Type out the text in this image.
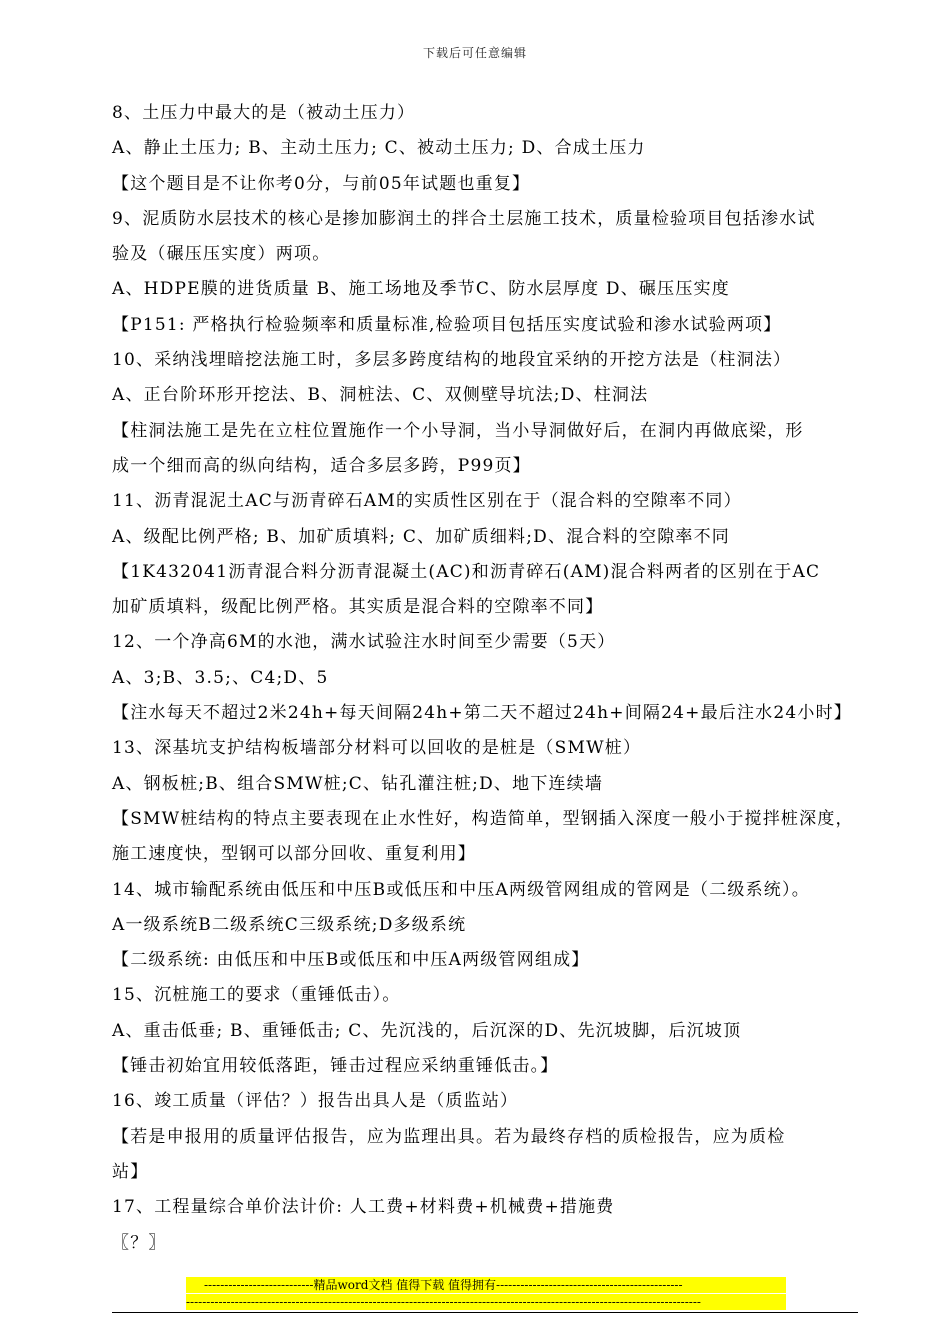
下载后可任意编辑
8、土压力中最大的是（被动土压力）
A、静止土压力; B、主动土压力; C、被动土压力; D、合成土压力
【这个题目是不让你考0分，与前05年试题也重复】
9、泥质防水层技术的核心是掺加膨润土的拌合土层施工技术，质量检验项目包括渗水试
验及（碾压压实度）两项。
A、HDPE膜的进货质量 B、施工场地及季节C、防水层厚度 D、碾压压实度
【P151: 严格执行检验频率和质量标准,检验项目包括压实度试验和渗水试验两项】
10、采纳浅埋暗挖法施工时，多层多跨度结构的地段宜采纳的开挖方法是（柱洞法）
A、正台阶环形开挖法、B、洞桩法、C、双侧壁导坑法;D、柱洞法
【柱洞法施工是先在立柱位置施作一个小导洞，当小导洞做好后，在洞内再做底梁，形
成一个细而高的纵向结构，适合多层多跨，P99页】
11、沥青混泥土AC与沥青碎石AM的实质性区别在于（混合料的空隙率不同）
A、级配比例严格; B、加矿质填料; C、加矿质细料;D、混合料的空隙率不同
【1K432041沥青混合料分沥青混凝土(AC)和沥青碎石(AM)混合料两者的区别在于AC
加矿质填料，级配比例严格。其实质是混合料的空隙率不同】
12、一个净高6M的水池，满水试验注水时间至少需要（5天）
A、3;B、3.5;、C4;D、5
【注水每天不超过2米24h+每天间隔24h+第二天不超过24h+间隔24+最后注水24小时】
13、深基坑支护结构板墙部分材料可以回收的是桩是（SMW桩）
A、钢板桩;B、组合SMW桩;C、钻孔灌注桩;D、地下连续墙
【SMW桩结构的特点主要表现在止水性好，构造简单，型钢插入深度一般小于搅拌桩深度，
施工速度快，型钢可以部分回收、重复利用】
14、城市输配系统由低压和中压B或低压和中压A两级管网组成的管网是（二级系统）。
A一级系统B二级系统C三级系统;D多级系统
【二级系统: 由低压和中压B或低压和中压A两级管网组成】
15、沉桩施工的要求（重锤低击）。
A、重击低垂; B、重锤低击; C、先沉浅的，后沉深的D、先沉坡脚，后沉坡顶
【锤击初始宜用较低落距，锤击过程应采纳重锤低击。】
16、竣工质量（评估？）报告出具人是（质监站）
【若是申报用的质量评估报告，应为监理出具。若为最终存档的质检报告，应为质检
站】
17、工程量综合单价法计价: 人工费+材料费+机械费+措施费
〖？〗
---------------------------精品word文档 值得下载 值得拥有----------------------------------------------
-------------------------------------------------------------------------------------------------------------------------------
